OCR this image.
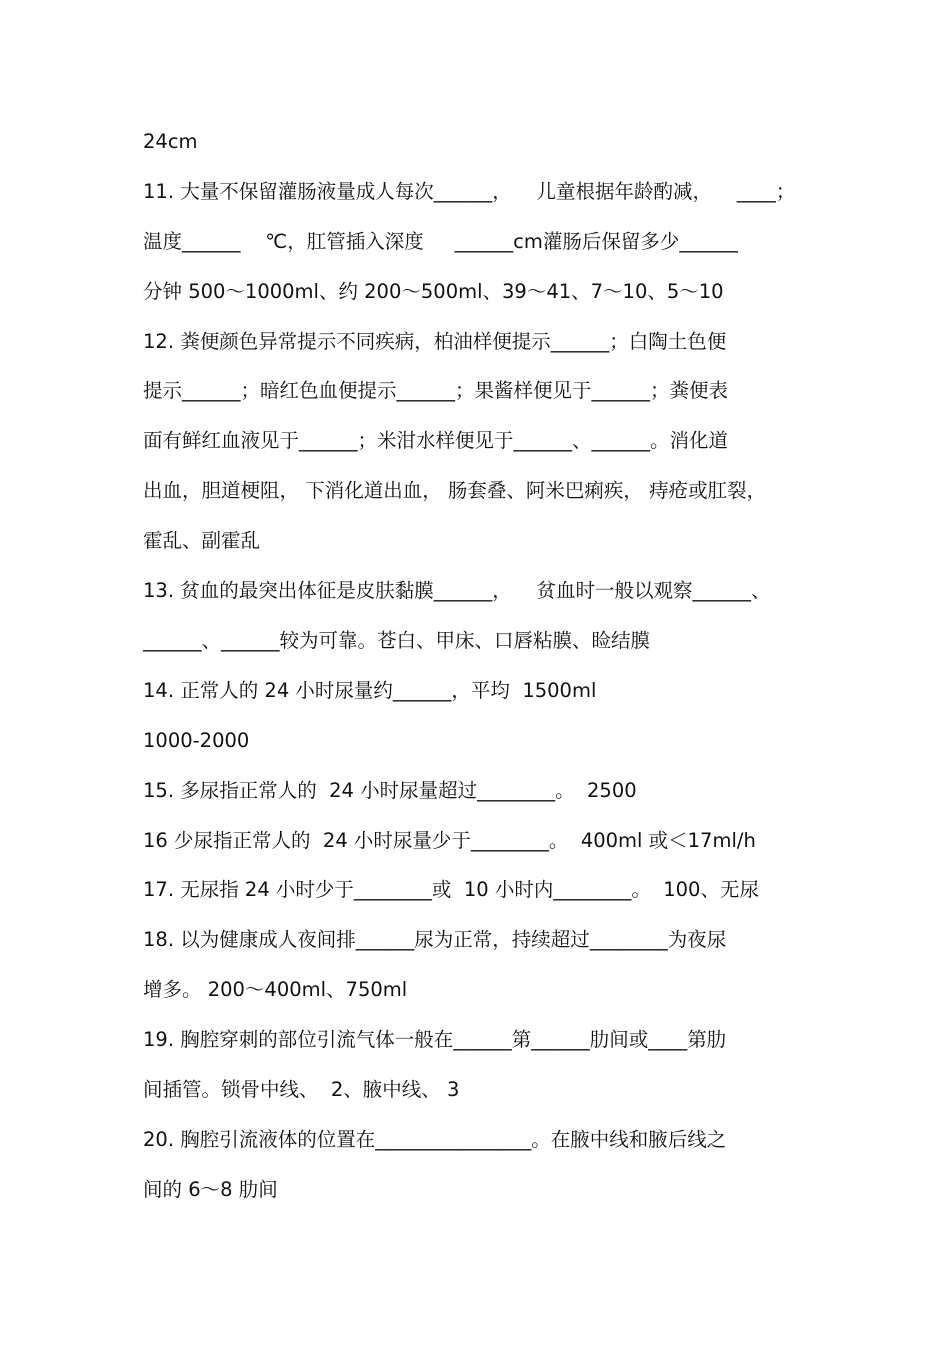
24cm
11. 大量不保留灌肠液量成人每次______，    儿童根据年龄酌减，    ____；
温度______    ℃，肛管插入深度     ______cm灌肠后保留多少______
分钟 500～1000ml、约 200～500ml、39～41、7～10、5～10
12. 粪便颜色异常提示不同疾病，柏油样便提示______；白陶土色便
提示______；暗红色血便提示______；果酱样便见于______；粪便表
面有鲜红血液见于______；米泔水样便见于______、______。消化道
出血，胆道梗阻， 下消化道出血， 肠套叠、阿米巴痢疾， 痔疮或肛裂，
霍乱、副霍乱
13. 贫血的最突出体征是皮肤黏膜______，    贫血时一般以观察______、
______、______较为可靠。苍白、甲床、口唇粘膜、睑结膜
14. 正常人的 24 小时尿量约______，平均  1500ml
1000-2000
15. 多尿指正常人的  24 小时尿量超过________。  2500
16 少尿指正常人的  24 小时尿量少于________。  400ml 或＜17ml/h
17. 无尿指 24 小时少于________或  10 小时内________。  100、无尿
18. 以为健康成人夜间排______尿为正常，持续超过________为夜尿
增多。 200～400ml、750ml
19. 胸腔穿刺的部位引流气体一般在______第______肋间或____第肋
间插管。锁骨中线、  2、腋中线、 3
20. 胸腔引流液体的位置在________________。在腋中线和腋后线之
间的 6～8 肋间
